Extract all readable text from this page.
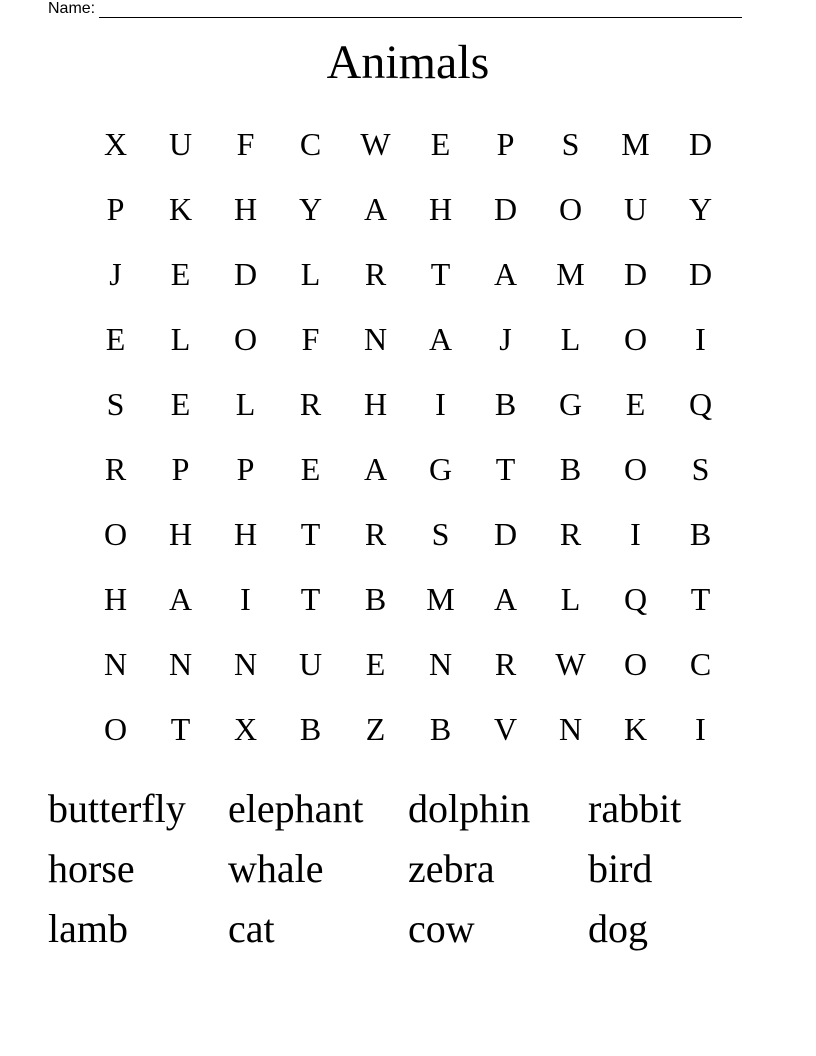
Name:
Animals
X	U	F	C	W	E	P	S	M	D
P	K	H	Y	A	H	D	O	U	Y
J	E	D	L	R	T	A	M	D	D
E	L	O	F	N	A	J	L	O	I
S	E	L	R	H	I	B	G	E	Q
R	P	P	E	A	G	T	B	O	S
O	H	H	T	R	S	D	R	I	B
H	A	I	T	B	M	A	L	Q	T
N	N	N	U	E	N	R	W	O	C
O	T	X	B	Z	B	V	N	K	I
butterfly	elephant	dolphin	rabbit
horse	whale	zebra	bird
lamb	cat	cow	dog
